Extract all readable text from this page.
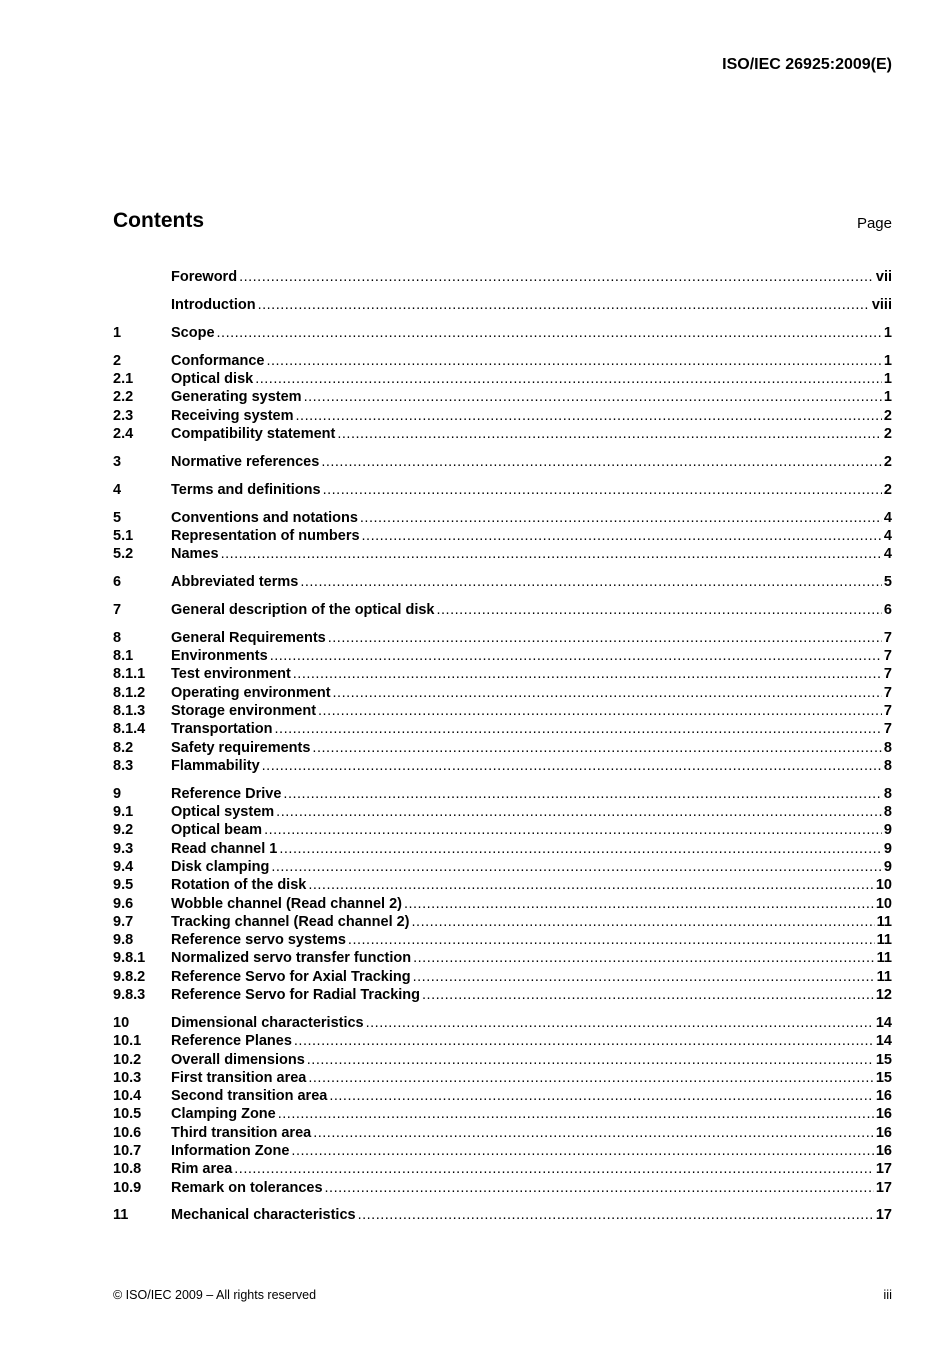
ISO/IEC 26925:2009(E)
Contents	Page
Foreword .....	vii
Introduction .....	viii
1	Scope .....	1
2	Conformance .....	1
2.1	Optical disk .....	1
2.2	Generating system .....	1
2.3	Receiving system .....	2
2.4	Compatibility statement .....	2
3	Normative references .....	2
4	Terms and definitions .....	2
5	Conventions and notations .....	4
5.1	Representation of numbers .....	4
5.2	Names .....	4
6	Abbreviated terms .....	5
7	General description of the optical disk .....	6
8	General Requirements .....	7
8.1	Environments .....	7
8.1.1	Test environment .....	7
8.1.2	Operating environment .....	7
8.1.3	Storage environment .....	7
8.1.4	Transportation .....	7
8.2	Safety requirements .....	8
8.3	Flammability .....	8
9	Reference Drive .....	8
9.1	Optical system .....	8
9.2	Optical beam .....	9
9.3	Read channel 1 .....	9
9.4	Disk clamping .....	9
9.5	Rotation of the disk .....	10
9.6	Wobble channel (Read channel 2) .....	10
9.7	Tracking channel (Read channel 2) .....	11
9.8	Reference servo systems .....	11
9.8.1	Normalized servo transfer function .....	11
9.8.2	Reference Servo for Axial Tracking .....	11
9.8.3	Reference Servo for Radial Tracking .....	12
10	Dimensional characteristics .....	14
10.1	Reference Planes .....	14
10.2	Overall dimensions .....	15
10.3	First transition area .....	15
10.4	Second transition area .....	16
10.5	Clamping Zone .....	16
10.6	Third transition area .....	16
10.7	Information Zone .....	16
10.8	Rim area .....	17
10.9	Remark on tolerances .....	17
11	Mechanical characteristics .....	17
© ISO/IEC 2009 – All rights reserved	iii
